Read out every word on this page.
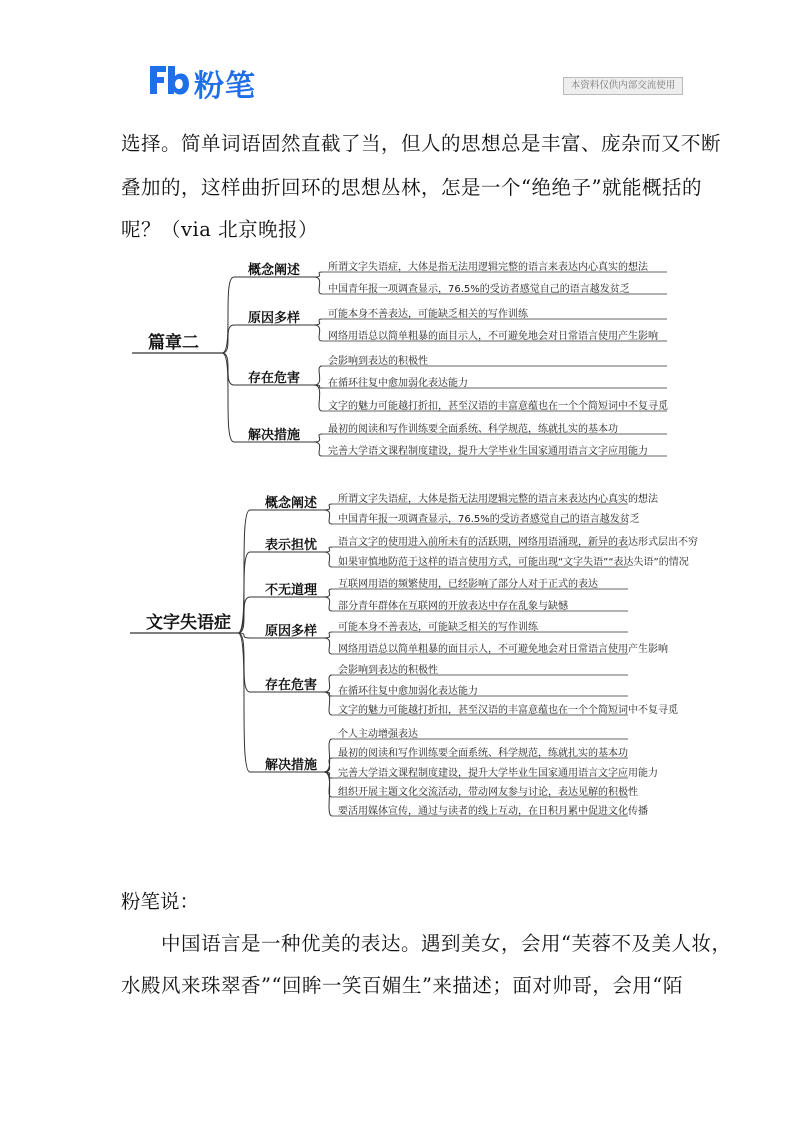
粉笔	本资料仅供内部交流使用
选择。简单词语固然直截了当，但人的思想总是丰富、庞杂而又不断
叠加的，这样曲折回环的思想丛林，怎是一个“绝绝子”就能概括的
呢？（via 北京晚报）
篇章二
概念阐述	所谓文字失语症，大体是指无法用逻辑完整的语言来表达内心真实的想法
中国青年报一项调查显示，76.5%的受访者感觉自己的语言越发贫乏
原因多样	可能本身不善表达，可能缺乏相关的写作训练
网络用语总以简单粗暴的面目示人，不可避免地会对日常语言使用产生影响
存在危害
会影响到表达的积极性
在循环往复中愈加弱化表达能力
文字的魅力可能越打折扣，甚至汉语的丰富意蕴也在一个个简短词中不复寻觅
解决措施	最初的阅读和写作训练要全面系统、科学规范，练就扎实的基本功
完善大学语文课程制度建设，提升大学毕业生国家通用语言文字应用能力
文字失语症
概念阐述 所谓文字失语症，大体是指无法用逻辑完整的语言来表达内心真实的想法
中国青年报一项调查显示，76.5%的受访者感觉自己的语言越发贫乏
表示担忧 语言文字的使用进入前所未有的活跃期，网络用语涌现，新异的表达形式层出不穷
如果审慎地防范于这样的语言使用方式，可能出现“文字失语”“表达失语”的情况
不无道理 互联网用语的频繁使用，已经影响了部分人对于正式的表达
部分青年群体在互联网的开放表达中存在乱象与缺憾
原因多样 可能本身不善表达，可能缺乏相关的写作训练
网络用语总以简单粗暴的面目示人，不可避免地会对日常语言使用产生影响
存在危害
会影响到表达的积极性
在循环往复中愈加弱化表达能力
文字的魅力可能越打折扣，甚至汉语的丰富意蕴也在一个个简短词中不复寻觅
解决措施
个人主动增强表达
最初的阅读和写作训练要全面系统、科学规范，练就扎实的基本功
完善大学语文课程制度建设，提升大学毕业生国家通用语言文字应用能力
组织开展主题文化交流活动，带动网友参与讨论，表达见解的积极性
要活用媒体宣传，通过与读者的线上互动，在日积月累中促进文化传播
粉笔说：
　　中国语言是一种优美的表达。遇到美女，会用“芙蓉不及美人妆，
水殿风来珠翠香”“回眸一笑百媚生”来描述；面对帅哥，会用“陌
